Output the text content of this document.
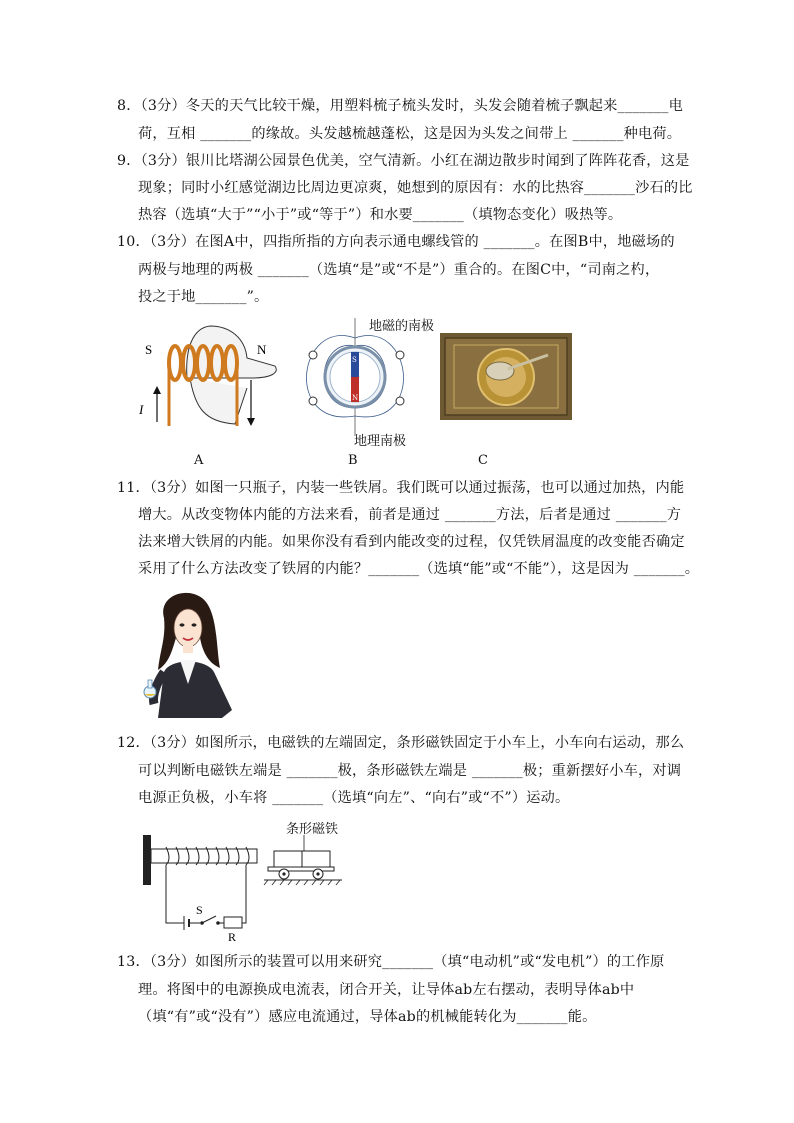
8．（3分）冬天的天气比较干燥，用塑料梳子梳头发时，头发会随着梳子飘起来_______电
荷，互相 _______的缘故。头发越梳越蓬松，这是因为头发之间带上 _______种电荷。
9．（3分）银川比塔湖公园景色优美，空气清新。小红在湖边散步时闻到了阵阵花香，这是
现象；同时小红感觉湖边比周边更凉爽，她想到的原因有：水的比热容_______沙石的比
热容（选填“大于”“小于”或“等于”）和水要_______（填物态变化）吸热等。
10．（3分）在图A中，四指所指的方向表示通电螺线管的 _______。在图B中，地磁场的
两极与地理的两极 _______（选填“是”或“不是”）重合的。在图C中，“司南之杓，
投之于地_______”。
S	N
I
A
S
N
地磁的南极
地理南极
B	C
11．（3分）如图一只瓶子，内装一些铁屑。我们既可以通过振荡，也可以通过加热，内能
增大。从改变物体内能的方法来看，前者是通过 _______方法，后者是通过 _______方
法来增大铁屑的内能。如果你没有看到内能改变的过程，仅凭铁屑温度的改变能否确定
采用了什么方法改变了铁屑的内能？_______（选填“能”或“不能”），这是因为 _______。
12．（3分）如图所示，电磁铁的左端固定，条形磁铁固定于小车上，小车向右运动，那么
可以判断电磁铁左端是 _______极，条形磁铁左端是 _______极；重新摆好小车，对调
电源正负极，小车将 _______（选填“向左”、“向右”或“不”）运动。
S
R
条形磁铁
13．（3分）如图所示的装置可以用来研究_______（填“电动机”或“发电机”）的工作原
理。将图中的电源换成电流表，闭合开关，让导体ab左右摆动，表明导体ab中
（填“有”或“没有”）感应电流通过，导体ab的机械能转化为_______能。
